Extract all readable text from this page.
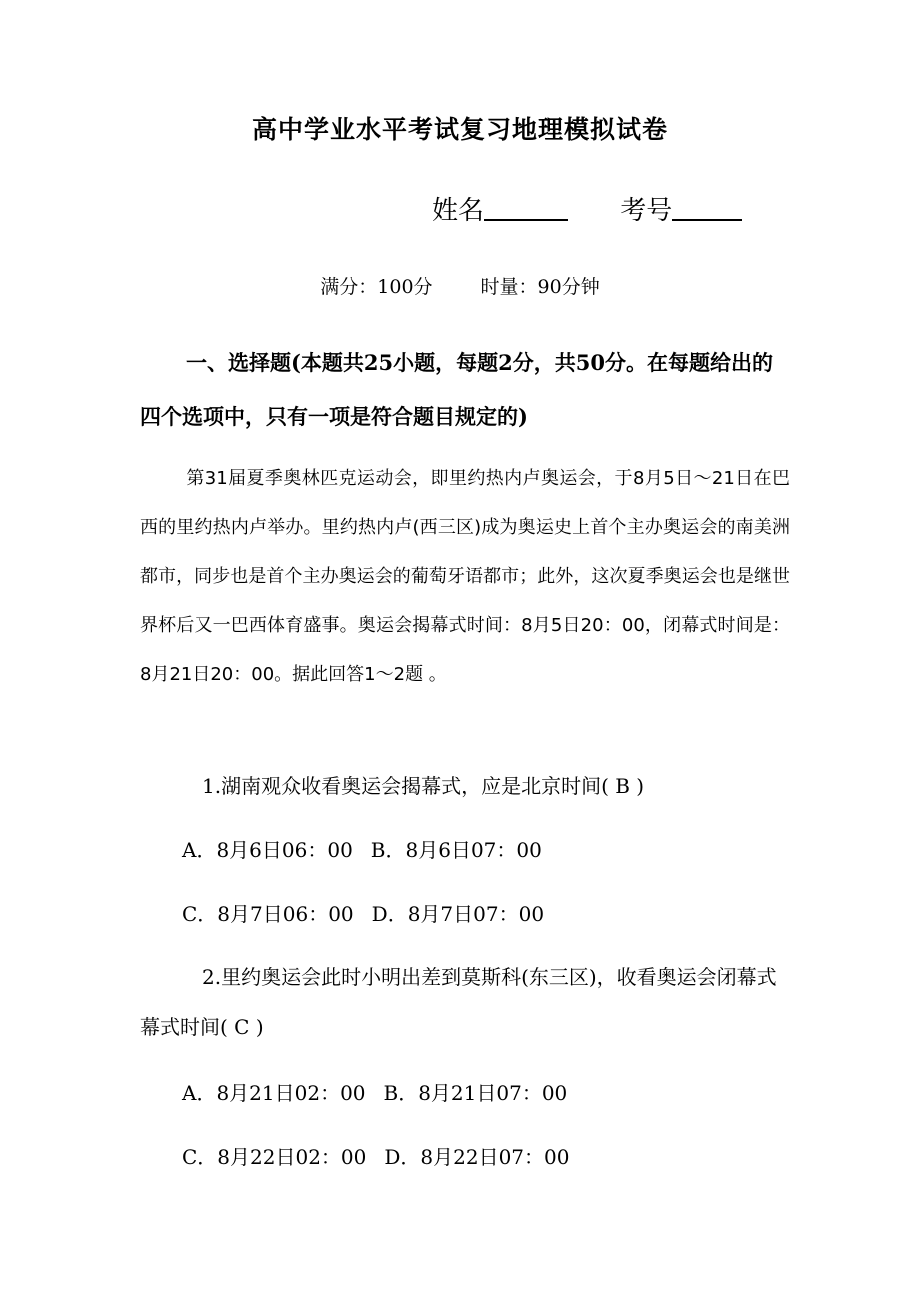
高中学业水平考试复习地理模拟试卷
姓名	考号
满分：100分	时量：90分钟
一、选择题(本题共25小题，每题2分，共50分。在每题给出的四个选项中，只有一项是符合题目规定的)
第31届夏季奥林匹克运动会，即里约热内卢奥运会，于8月5日～21日在巴西的里约热内卢举办。里约热内卢(西三区)成为奥运史上首个主办奥运会的南美洲都市，同步也是首个主办奥运会的葡萄牙语都市；此外，这次夏季奥运会也是继世界杯后又一巴西体育盛事。奥运会揭幕式时间：8月5日20：00，闭幕式时间是：8月21日20：00。据此回答1～2题 。
1.湖南观众收看奥运会揭幕式，应是北京时间( B )
A．8月6日06：00 B．8月6日07：00
C．8月7日06：00 D．8月7日07：00
2.里约奥运会此时小明出差到莫斯科(东三区)，收看奥运会闭幕式幕式时间( C )
A．8月21日02：00 B．8月21日07：00
C．8月22日02：00 D．8月22日07：00
